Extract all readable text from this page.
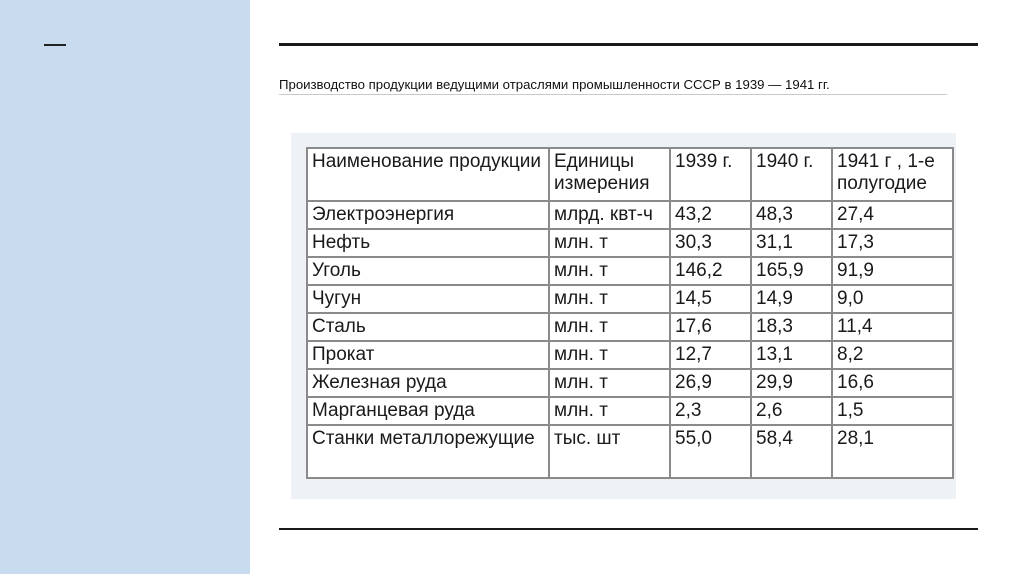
Производство продукции ведущими отраслями промышленности СССР в 1939 — 1941 гг.
Наименование продукции	Единицы измерения	1939 г.	1940 г.	1941 г , 1-е полугодие
Электроэнергия	млрд. квт-ч	43,2	48,3	27,4
Нефть	млн. т	30,3	31,1	17,3
Уголь	млн. т	146,2	165,9	91,9
Чугун	млн. т	14,5	14,9	9,0
Сталь	млн. т	17,6	18,3	11,4
Прокат	млн. т	12,7	13,1	8,2
Железная руда	млн. т	26,9	29,9	16,6
Марганцевая руда	млн. т	2,3	2,6	1,5
Станки металлорежущие	тыс. шт	55,0	58,4	28,1
